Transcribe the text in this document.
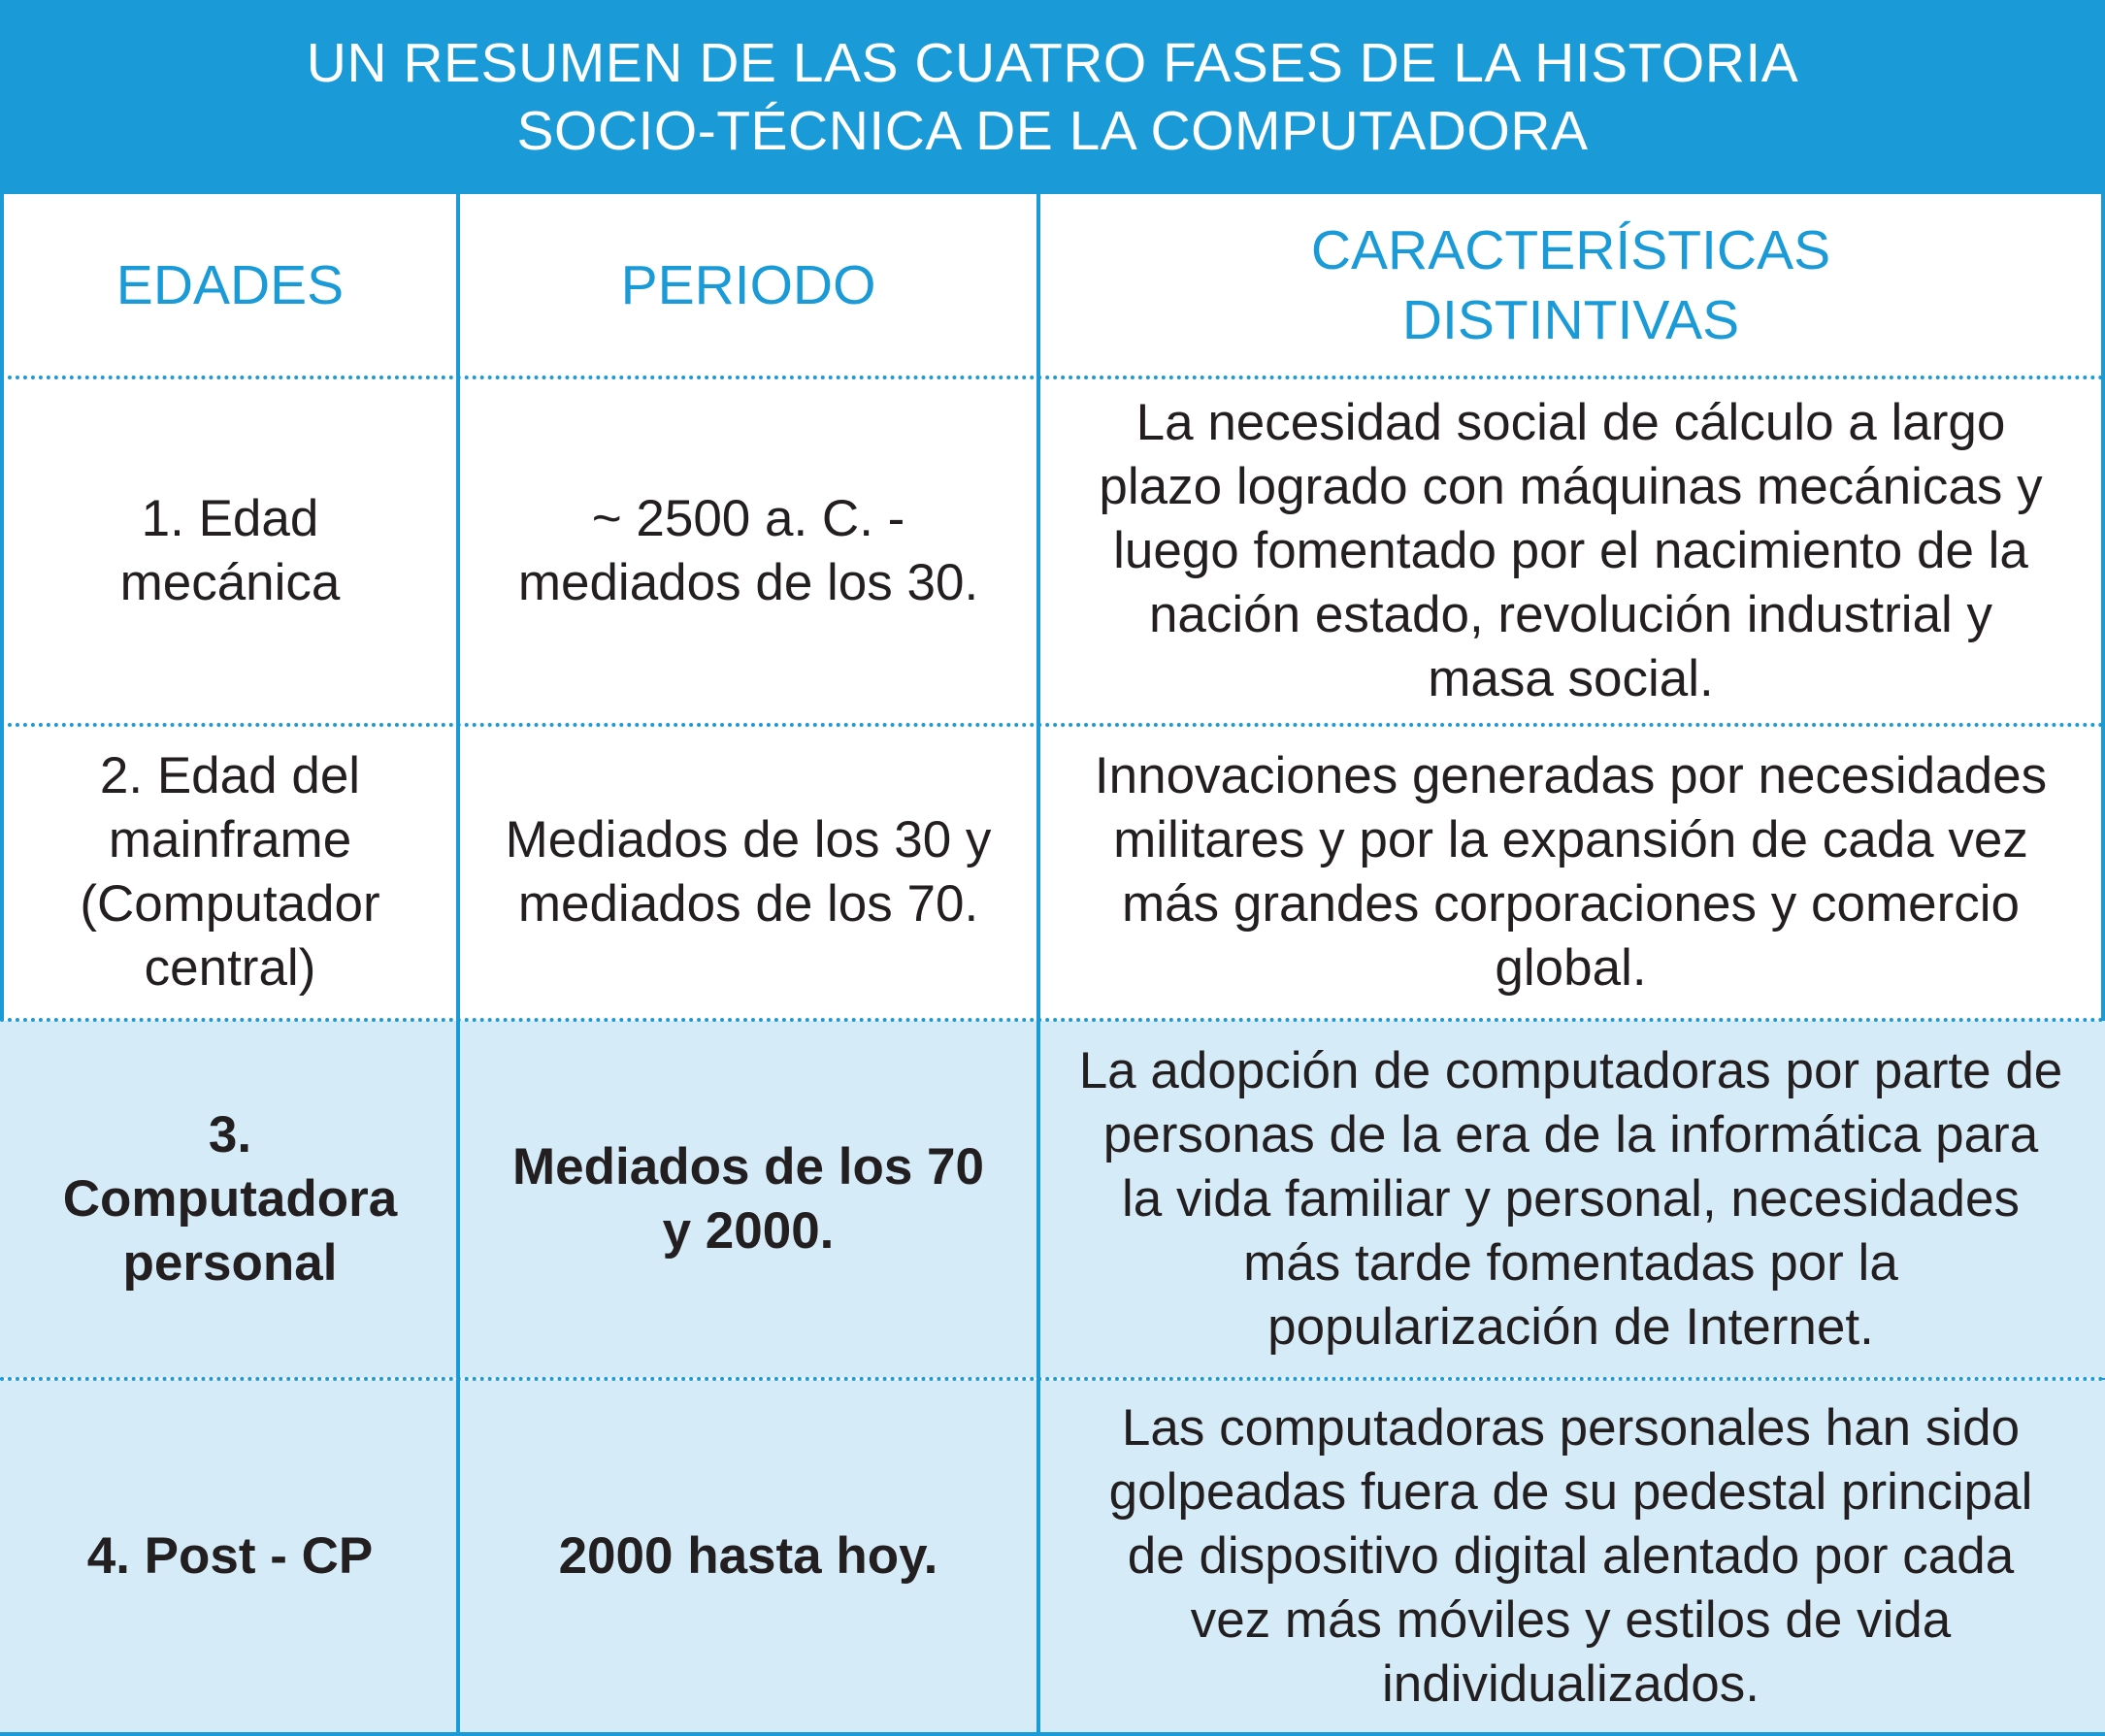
UN RESUMEN DE LAS CUATRO FASES DE LA HISTORIA
SOCIO-TÉCNICA DE LA COMPUTADORA
EDADES	PERIODO
CARACTERÍSTICAS
DISTINTIVAS
1. Edad
mecánica
~ 2500 a. C. -
mediados de los 30.
La necesidad social de cálculo a largo
plazo logrado con máquinas mecánicas y
luego fomentado por el nacimiento de la
nación estado, revolución industrial y
masa social.
2. Edad del
mainframe
(Computador
central)
Mediados de los 30 y
mediados de los 70.
Innovaciones generadas por necesidades
militares y por la expansión de cada vez
más grandes corporaciones y comercio
global.
3.
Computadora
personal
Mediados de los 70
y 2000.
La adopción de computadoras por parte de
personas de la era de la informática para
la vida familiar y personal, necesidades
más tarde fomentadas por la
popularización de Internet.
4. Post - CP	2000 hasta hoy.
Las computadoras personales han sido
golpeadas fuera de su pedestal principal
de dispositivo digital alentado por cada
vez más móviles y estilos de vida
individualizados.
